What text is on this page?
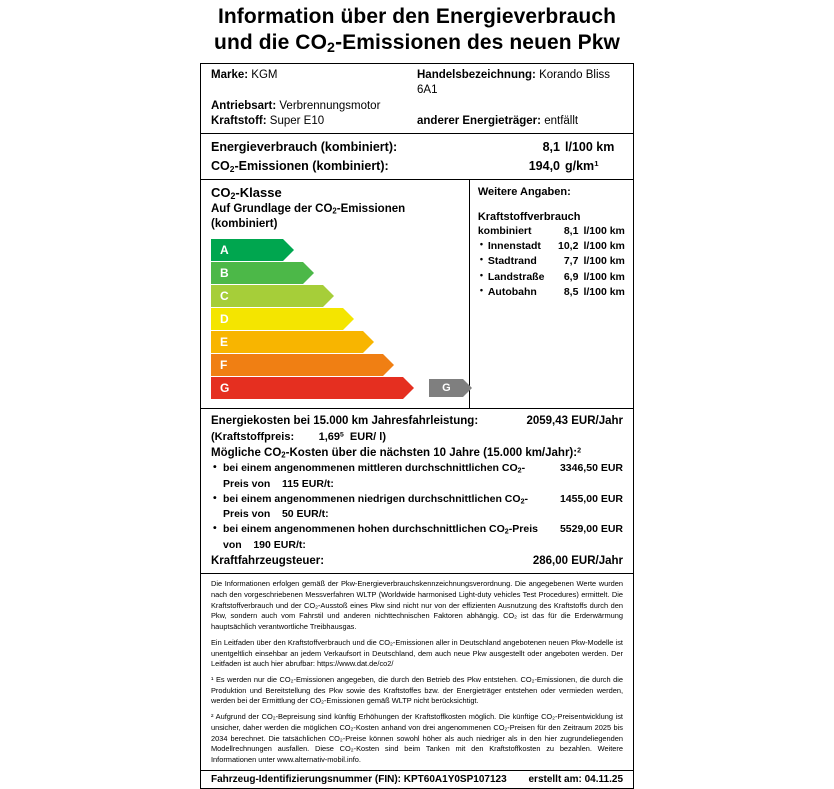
Information über den Energieverbrauch
und die $CO_2$-Emissionen des neuen Pkw
Marke: KGM	Handelsbezeichnung: Korando Bliss 6A1
Antriebsart: Verbrennungsmotor
Kraftstoff: Super E10	anderer Energieträger: entfällt
Energieverbrauch (kombiniert):	8,1 l/100 km
$CO_2$-Emissionen (kombiniert):	194,0 $g/km^1$
$CO_2$-Klasse
Auf Grundlage der $CO_2$-Emissionen (kombiniert)
A
B
C
D
E
F
G	G
Weitere Angaben:
Kraftstoffverbrauch
kombiniert	8,1 l/100 km
• Innenstadt	10,2 l/100 km
• Stadtrand	7,7 l/100 km
• Landstraße	6,9 l/100 km
• Autobahn	8,5 l/100 km
Energiekosten bei 15.000 km Jahresfahrleistung:	2059,43 EUR/Jahr
(Kraftstoffpreis: 1,69$^5$ EUR/ l)
Mögliche $CO_2$-Kosten über die nächsten 10 Jahre (15.000 km/Jahr):$^2$
• bei einem angenommenen mittleren durchschnittlichen $CO_2$-Preis von    115 EUR/t:
3346,50 EUR
• bei einem angenommenen niedrigen durchschnittlichen $CO_2$-Preis von    50 EUR/t:
1455,00 EUR
• bei einem angenommenen hohen durchschnittlichen $CO_2$-Preis von    190 EUR/t:
5529,00 EUR
Kraftfahrzeugsteuer:	286,00 EUR/Jahr

Die Informationen erfolgen gemäß der Pkw-Energieverbrauchskennzeichnungsverordnung. Die angegebenen Werte wurden nach den vorgeschriebenen Messverfahren WLTP (Worldwide harmonised Light-duty vehicles Test Procedures) ermittelt. Die Kraftstoffverbrauch und der CO₂-Ausstoß eines Pkw sind nicht nur von der effizienten Ausnutzung des Kraftstoffs durch den Pkw, sondern auch vom Fahrstil und anderen nichttechnischen Faktoren abhängig. CO₂ ist das für die Erderwärmung hauptsächlich verantwortliche Treibhausgas.

Ein Leitfaden über den Kraftstoffverbrauch und die CO₂-Emissionen aller in Deutschland angebotenen neuen Pkw-Modelle ist unentgeltlich einsehbar an jedem Verkaufsort in Deutschland, dem auch neue Pkw ausgestellt oder angeboten werden. Der Leitfaden ist auch hier abrufbar: https://www.dat.de/co2/

¹ Es werden nur die CO₂-Emissionen angegeben, die durch den Betrieb des Pkw entstehen. CO₂-Emissionen, die durch die Produktion und Bereitstellung des Pkw sowie des Kraftstoffes bzw. der Energieträger entstehen oder vermieden werden, werden bei der Ermittlung der CO₂-Emissionen gemäß WLTP nicht berücksichtigt.

² Aufgrund der CO₂-Bepreisung sind künftig Erhöhungen der Kraftstoffkosten möglich. Die künftige CO₂-Preisentwicklung ist unsicher, daher werden die möglichen CO₂-Kosten anhand von drei angenommenen CO₂-Preisen für den Zeitraum 2025 bis 2034 berechnet. Die tatsächlichen CO₂-Preise können sowohl höher als auch niedriger als in den hier zugrundeliegenden Modellrechnungen ausfallen. Diese CO₂-Kosten sind beim Tanken mit den Kraftstoffkosten zu bezahlen. Weitere Informationen unter www.alternativ-mobil.info.

Fahrzeug-Identifizierungsnummer (FIN): KPT60A1Y0SP107123	erstellt am: 04.11.25
